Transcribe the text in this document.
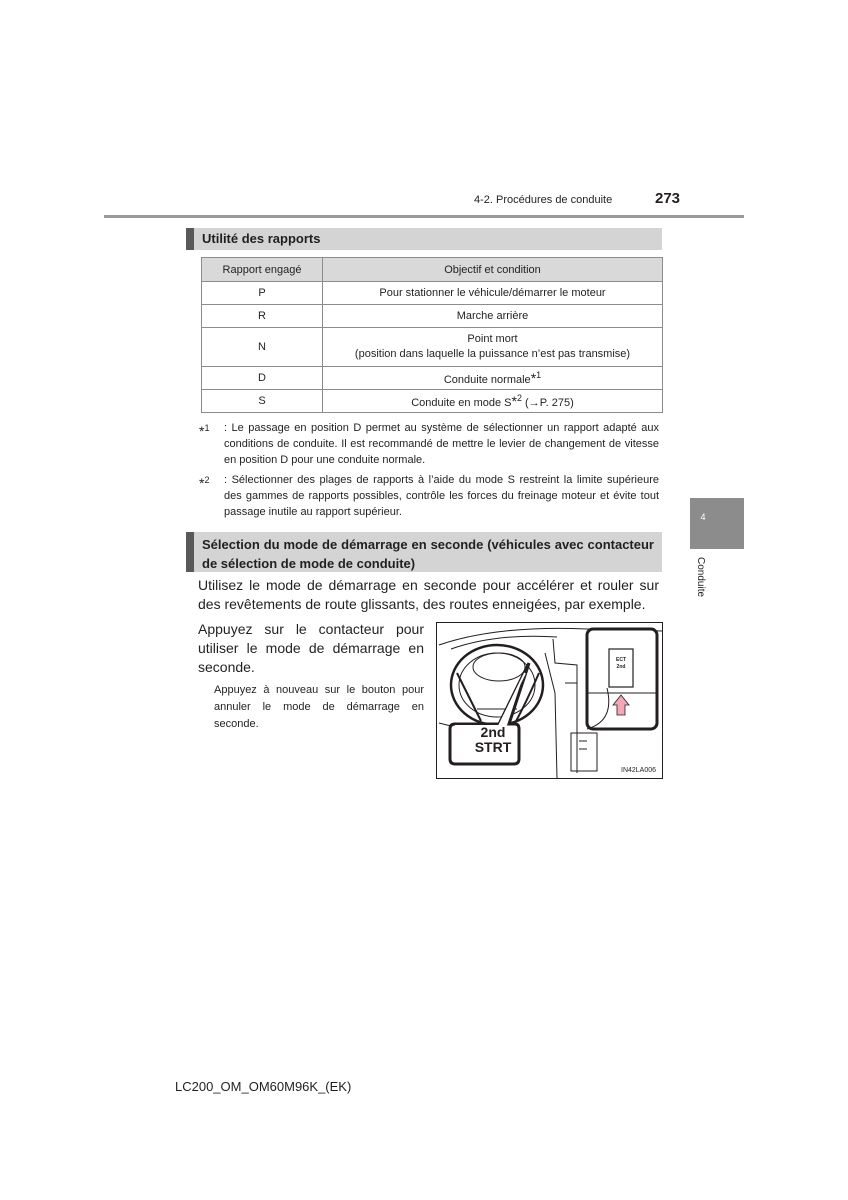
4-2. Procédures de conduite	273
Utilité des rapports
Rapport engagé	Objectif et condition
P	Pour stationner le véhicule/démarrer le moteur
R	Marche arrière
N	Point mort
(position dans laquelle la puissance n’est pas transmise)

D	Conduite normale*$^1$
S	Conduite en mode S*$^2$ (→P. 275)
*$^1$ : Le passage en position D permet au système de sélectionner un rapport adapté aux conditions de conduite. Il est recommandé de mettre le levier de changement de vitesse en position D pour une conduite normale.
*$^2$ : Sélectionner des plages de rapports à l’aide du mode S restreint la limite supérieure des gammes de rapports possibles, contrôle les forces du freinage moteur et évite tout passage inutile au rapport supérieur.
Sélection du mode de démarrage en seconde (véhicules avec contacteur de sélection de mode de conduite)
Utilisez le mode de démarrage en seconde pour accélérer et rouler sur des revêtements de route glissants, des routes enneigées, par exemple.
Appuyez sur le contacteur pour utiliser le mode de démarrage en seconde.
Appuyez à nouveau sur le bouton pour annuler le mode de démarrage en seconde.	2nd
STRT
ECT
2nd
IN42LA006
4
Conduite
LC200_OM_OM60M96K_(EK)
